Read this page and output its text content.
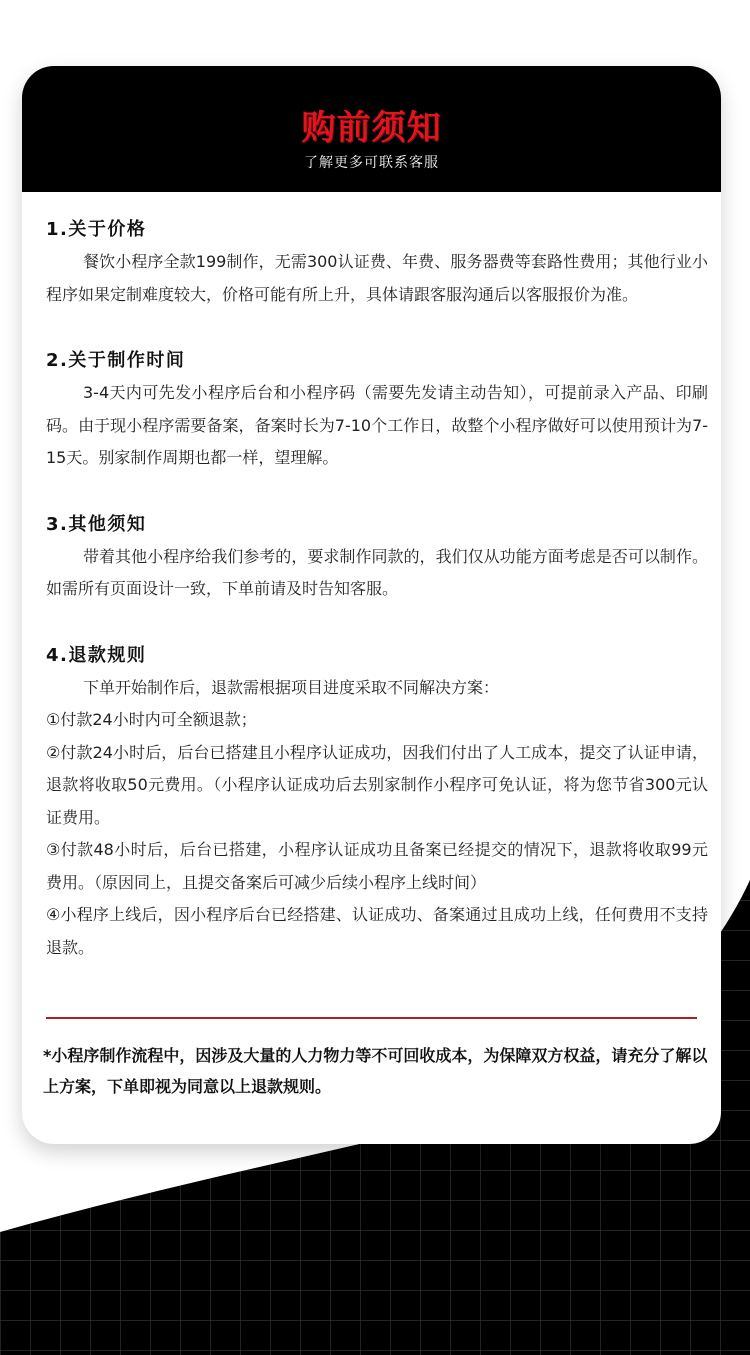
购前须知
了解更多可联系客服
1.关于价格

餐饮小程序全款199制作，无需300认证费、年费、服务器费等套路性费用；其他行业小程序如果定制难度较大，价格可能有所上升，具体请跟客服沟通后以客服报价为准。

2.关于制作时间

3-4天内可先发小程序后台和小程序码（需要先发请主动告知），可提前录入产品、印刷码。由于现小程序需要备案，备案时长为7-10个工作日，故整个小程序做好可以使用预计为7-15天。别家制作周期也都一样，望理解。

3.其他须知

带着其他小程序给我们参考的，要求制作同款的，我们仅从功能方面考虑是否可以制作。如需所有页面设计一致，下单前请及时告知客服。

4.退款规则

下单开始制作后，退款需根据项目进度采取不同解决方案：

①付款24小时内可全额退款；

②付款24小时后，后台已搭建且小程序认证成功，因我们付出了人工成本，提交了认证申请，退款将收取50元费用。（小程序认证成功后去别家制作小程序可免认证，将为您节省300元认证费用。

③付款48小时后，后台已搭建，小程序认证成功且备案已经提交的情况下，退款将收取99元费用。（原因同上，且提交备案后可减少后续小程序上线时间）

④小程序上线后，因小程序后台已经搭建、认证成功、备案通过且成功上线，任何费用不支持退款。

*小程序制作流程中，因涉及大量的人力物力等不可回收成本，为保障双方权益，请充分了解以上方案，下单即视为同意以上退款规则。
